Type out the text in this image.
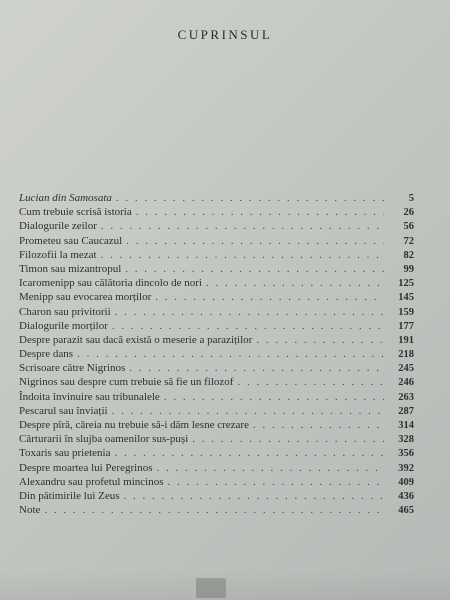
CUPRINSUL
Lucian din Samosata . . .	5
Cum trebuie scrisă istoria . . .	26
Dialogurile zeilor . . .	56
Prometeu sau Caucazul . . .	72
Filozofii la mezat . . .	82
Timon sau mizantropul . . .	99
Icaromenipp sau călătoria dincolo de nori . . .	125
Menipp sau evocarea morților . . .	145
Charon sau privitorii . . .	159
Dialogurile morților . . .	177
Despre parazit sau dacă există o meserie a paraziților . . .	191
Despre dans . . .	218
Scrisoare către Nigrinos . . .	245
Nigrinos sau despre cum trebuie să fie un filozof . . .	246
Îndoita învinuire sau tribunalele . . .	263
Pescarul sau înviații . . .	287
Despre pîră, căreia nu trebuie să-i dăm lesne crezare . . .	314
Cărturarii în slujba oamenilor sus-puși . . .	328
Toxaris sau prietenia . . .	356
Despre moartea lui Peregrinos . . .	392
Alexandru sau profetul mincinos . . .	409
Din pătimirile lui Zeus . . .	436
Note . . .	465
